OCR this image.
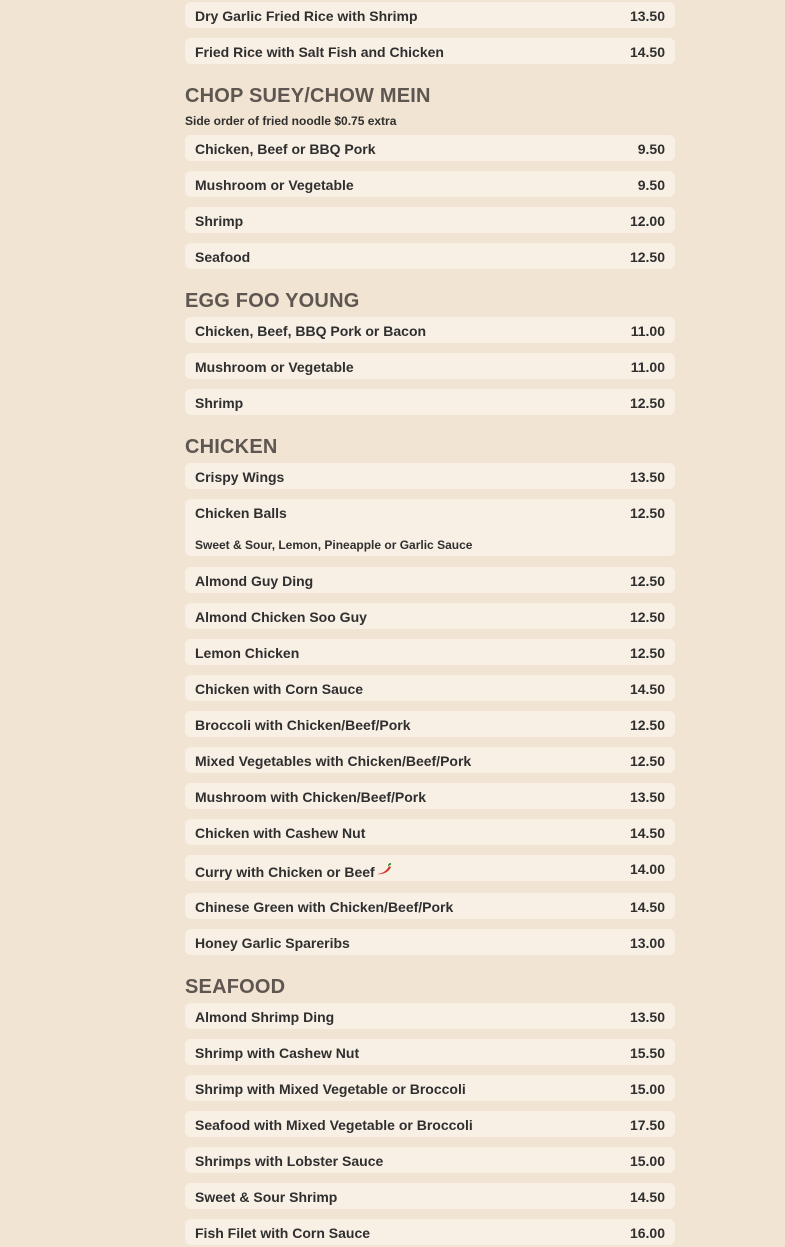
Dry Garlic Fried Rice with Shrimp	13.50
Fried Rice with Salt Fish and Chicken	14.50
CHOP SUEY/CHOW MEIN
Side order of fried noodle $0.75 extra
Chicken, Beef or BBQ Pork	9.50
Mushroom or Vegetable	9.50
Shrimp	12.00
Seafood	12.50
EGG FOO YOUNG
Chicken, Beef, BBQ Pork or Bacon	11.00
Mushroom or Vegetable	11.00
Shrimp	12.50
CHICKEN
Crispy Wings	13.50
Chicken Balls	12.50
Sweet & Sour, Lemon, Pineapple or Garlic Sauce
Almond Guy Ding	12.50
Almond Chicken Soo Guy	12.50
Lemon Chicken	12.50
Chicken with Corn Sauce	14.50
Broccoli with Chicken/Beef/Pork	12.50
Mixed Vegetables with Chicken/Beef/Pork	12.50
Mushroom with Chicken/Beef/Pork	13.50
Chicken with Cashew Nut	14.50
Curry with Chicken or Beef	14.00
Chinese Green with Chicken/Beef/Pork	14.50
Honey Garlic Spareribs	13.00
SEAFOOD
Almond Shrimp Ding	13.50
Shrimp with Cashew Nut	15.50
Shrimp with Mixed Vegetable or Broccoli	15.00
Seafood with Mixed Vegetable or Broccoli	17.50
Shrimps with Lobster Sauce	15.00
Sweet & Sour Shrimp	14.50
Fish Filet with Corn Sauce	16.00
